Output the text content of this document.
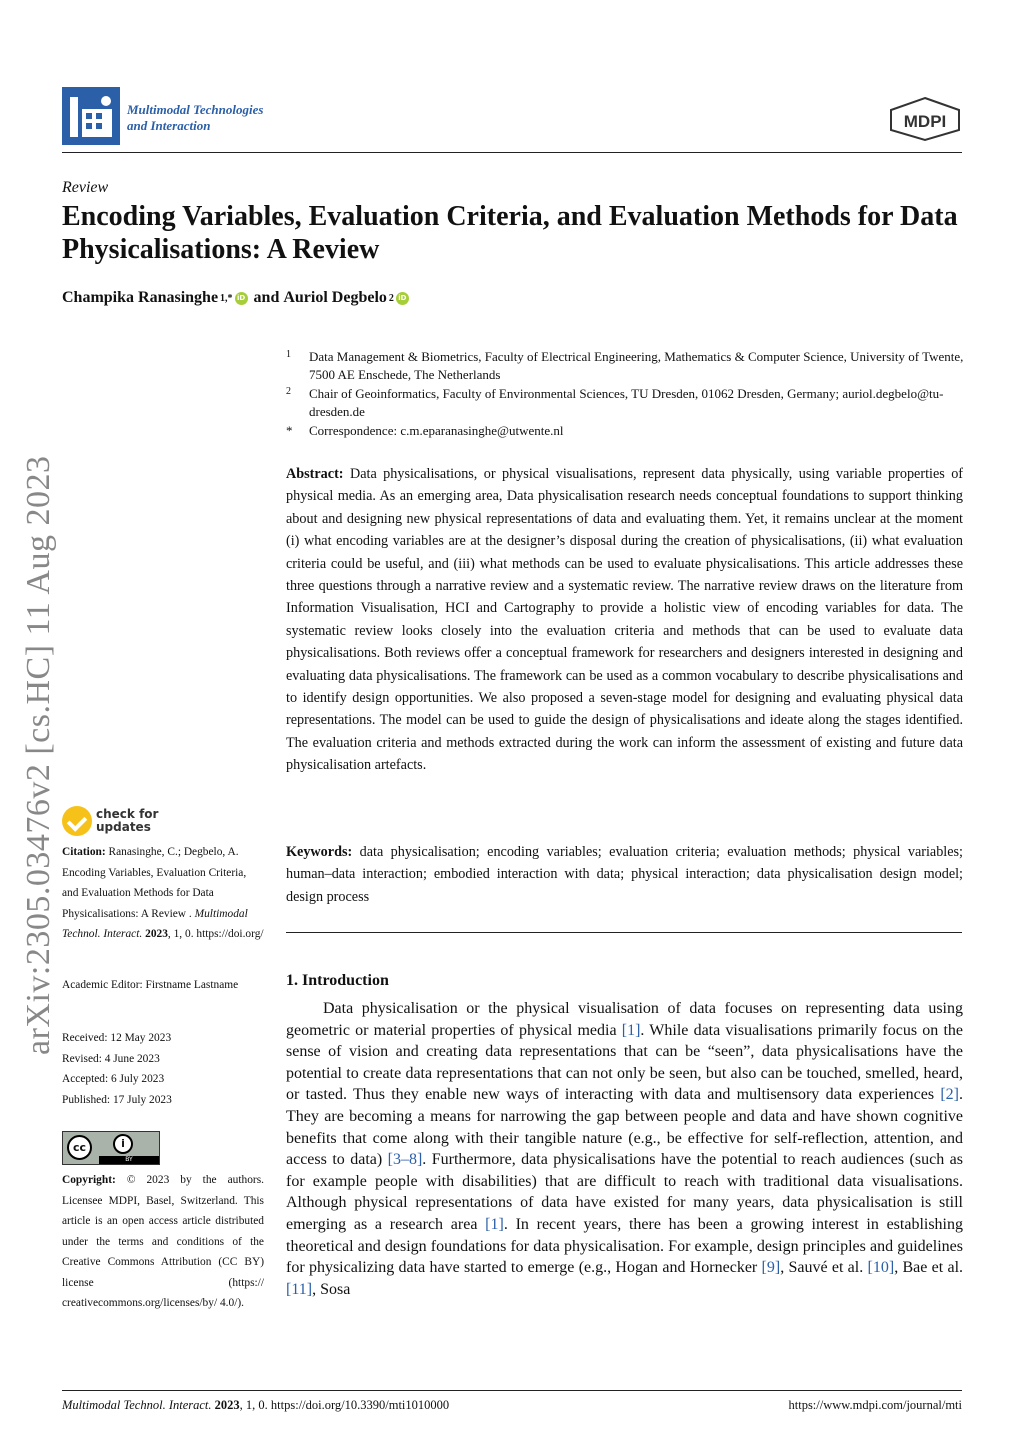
Multimodal Technologies
and Interaction	MDPI
Review
Encoding Variables, Evaluation Criteria, and Evaluation Methods for Data Physicalisations: A Review
Champika Ranasinghe 1,* iD and
Auriol Degbelo 2 iD
1 Data Management & Biometrics, Faculty of Electrical Engineering, Mathematics & Computer Science, University of Twente, 7500 AE Enschede, The Netherlands
2 Chair of Geoinformatics, Faculty of Environmental Sciences, TU Dresden, 01062 Dresden, Germany; auriol.degbelo@tu-dresden.de
* Correspondence: c.m.eparanasinghe@utwente.nl
Abstract: Data physicalisations, or physical visualisations, represent data physically, using variable properties of physical media. As an emerging area, Data physicalisation research needs conceptual foundations to support thinking about and designing new physical representations of data and evaluating them. Yet, it remains unclear at the moment (i) what encoding variables are at the designer’s disposal during the creation of physicalisations, (ii) what evaluation criteria could be useful, and (iii) what methods can be used to evaluate physicalisations. This article addresses these three questions through a narrative review and a systematic review. The narrative review draws on the literature from Information Visualisation, HCI and Cartography to provide a holistic view of encoding variables for data. The systematic review looks closely into the evaluation criteria and methods that can be used to evaluate data physicalisations. Both reviews offer a conceptual framework for researchers and designers interested in designing and evaluating data physicalisations. The framework can be used as a common vocabulary to describe physicalisations and to identify design opportunities. We also proposed a seven-stage model for designing and evaluating physical data representations. The model can be used to guide the design of physicalisations and ideate along the stages identified. The evaluation criteria and methods extracted during the work can inform the assessment of existing and future data physicalisation artefacts.
Keywords: data physicalisation; encoding variables; evaluation criteria; evaluation methods; physical variables; human–data interaction; embodied interaction with data; physical interaction; data physicalisation design model; design process
1. Introduction
Data physicalisation or the physical visualisation of data focuses on representing data using geometric or material properties of physical media [1]. While data visualisations primarily focus on the sense of vision and creating data representations that can be “seen”, data physicalisations have the potential to create data representations that can not only be seen, but also can be touched, smelled, heard, or tasted. Thus they enable new ways of interacting with data and multisensory data experiences [2]. They are becoming a means for narrowing the gap between people and data and have shown cognitive benefits that come along with their tangible nature (e.g., be effective for self-reflection, attention, and access to data) [3–8]. Furthermore, data physicalisations have the potential to reach audiences (such as for example people with disabilities) that are difficult to reach with traditional data visualisations. Although physical representations of data have existed for many years, data physicalisation is still emerging as a research area [1]. In recent years, there has been a growing interest in establishing theoretical and design foundations for data physicalisation. For example, design principles and guidelines for physicalizing data have started to emerge (e.g., Hogan and Hornecker [9], Sauvé et al. [10], Bae et al. [11], Sosa
arXiv:2305.03476v2 [cs.HC] 11 Aug 2023	check for
updates
Citation: Ranasinghe, C.; Degbelo, A. Encoding Variables, Evaluation Criteria, and Evaluation Methods for Data Physicalisations: A Review . Multimodal Technol. Interact. 2023, 1, 0. https://doi.org/
Academic Editor: Firstname Lastname
Received: 12 May 2023
Revised: 4 June 2023
Accepted: 6 July 2023
Published: 17 July 2023
cc	i
BY
Copyright: © 2023 by the authors. Licensee MDPI, Basel, Switzerland. This article is an open access article distributed under the terms and conditions of the Creative Commons Attribution (CC BY) license (https:// creativecommons.org/licenses/by/ 4.0/).
Multimodal Technol. Interact. 2023, 1, 0. https://doi.org/10.3390/mti1010000	https://www.mdpi.com/journal/mti
